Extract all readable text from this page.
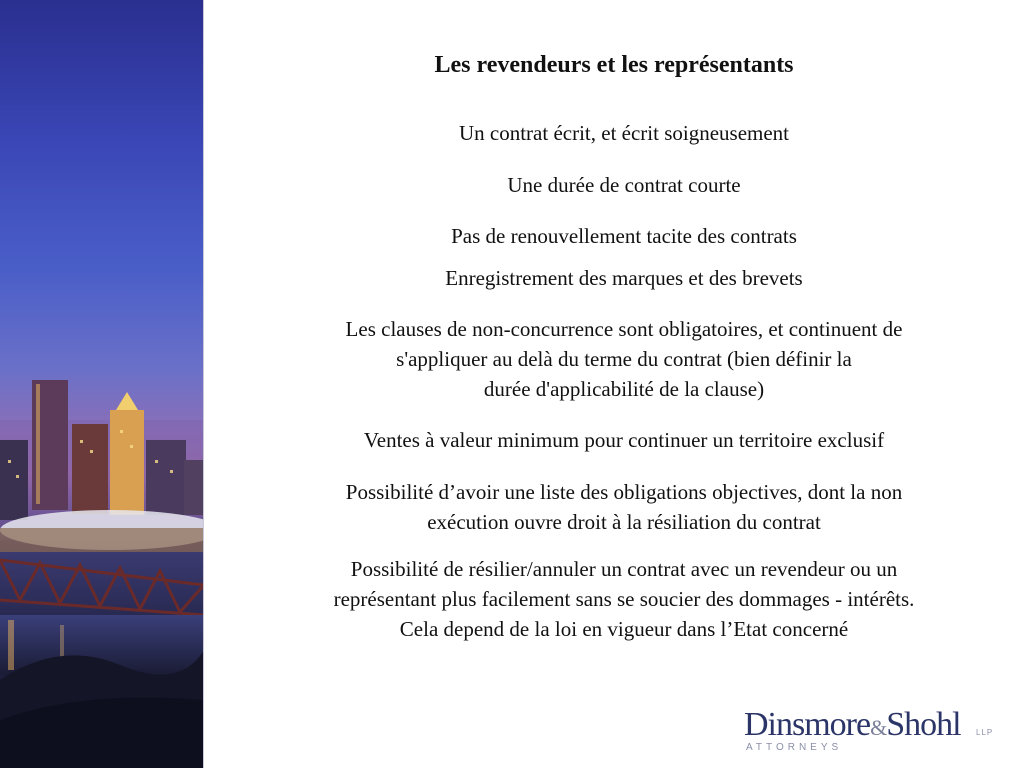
Les revendeurs et les représentants
Un contrat écrit, et écrit soigneusement
Une durée de contrat courte
Pas de renouvellement tacite des contrats
Enregistrement des marques et des brevets
Les clauses de non-concurrence sont obligatoires, et continuent de
s'appliquer au delà du terme du contrat (bien définir la
durée d'applicabilité de la clause)
Ventes à valeur minimum pour continuer un territoire exclusif
Possibilité d’avoir une liste des obligations objectives, dont la non
exécution ouvre droit à la résiliation du contrat
Possibilité de résilier/annuler un contrat avec un revendeur ou un
représentant plus facilement sans se soucier des dommages - intérêts.
Cela depend de la loi en vigueur dans l’Etat concerné
Dinsmore&Shohl LLP
ATTORNEYS
